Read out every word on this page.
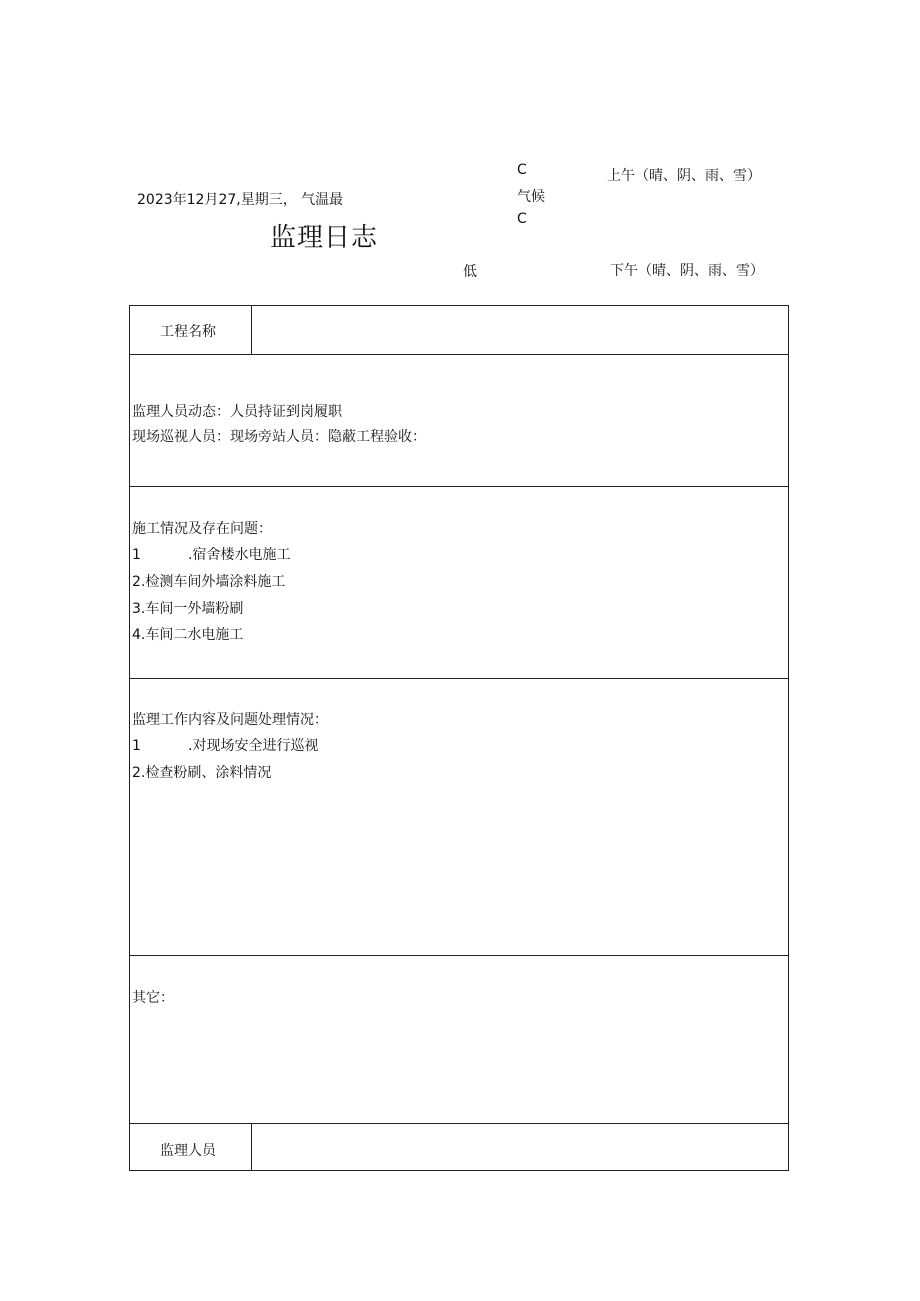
2023年12月27,星期三， 气温最
C
气候
C
低
上午（晴、阴、雨、雪）
下午（晴、阴、雨、雪）
监理日志
工程名称
监理人员动态：人员持证到岗履职
现场巡视人员：现场旁站人员：隐蔽工程验收：
施工情况及存在问题：
1	.宿舍楼水电施工
2.检测车间外墙涂料施工
3.车间一外墙粉刷
4.车间二水电施工
监理工作内容及问题处理情况：
1	.对现场安全进行巡视
2.检查粉刷、涂料情况
其它：
监理人员
